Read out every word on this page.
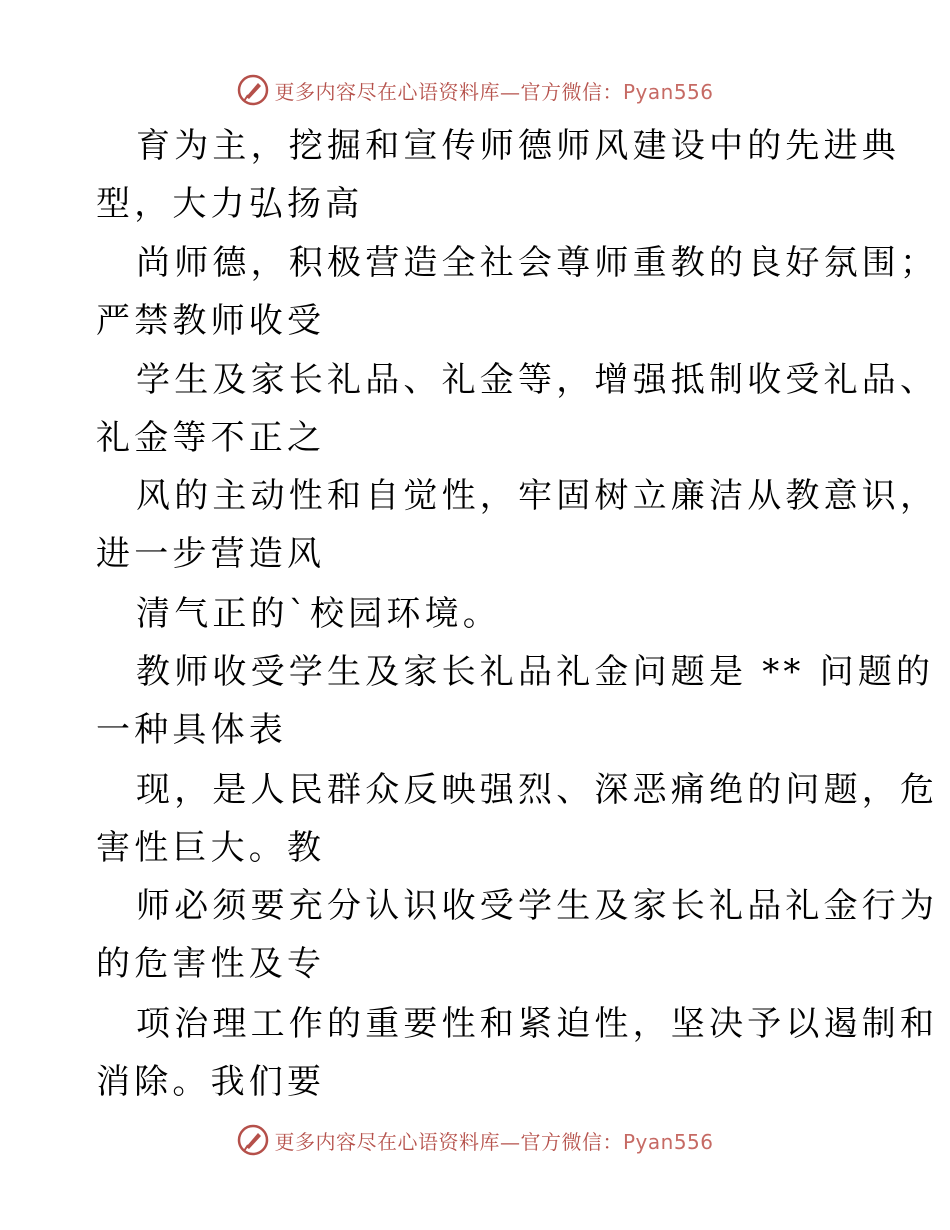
更多内容尽在心语资料库—官方微信：Pyan556
育为主，挖掘和宣传师德师风建设中的先进典
型，大力弘扬高
尚师德，积极营造全社会尊师重教的良好氛围；
严禁教师收受
学生及家长礼品、礼金等，增强抵制收受礼品、
礼金等不正之
风的主动性和自觉性，牢固树立廉洁从教意识，
进一步营造风
清气正的`校园环境。
教师收受学生及家长礼品礼金问题是 ** 问题的
一种具体表
现，是人民群众反映强烈、深恶痛绝的问题，危
害性巨大。教
师必须要充分认识收受学生及家长礼品礼金行为
的危害性及专
项治理工作的重要性和紧迫性，坚决予以遏制和
消除。我们要
更多内容尽在心语资料库—官方微信：Pyan556
